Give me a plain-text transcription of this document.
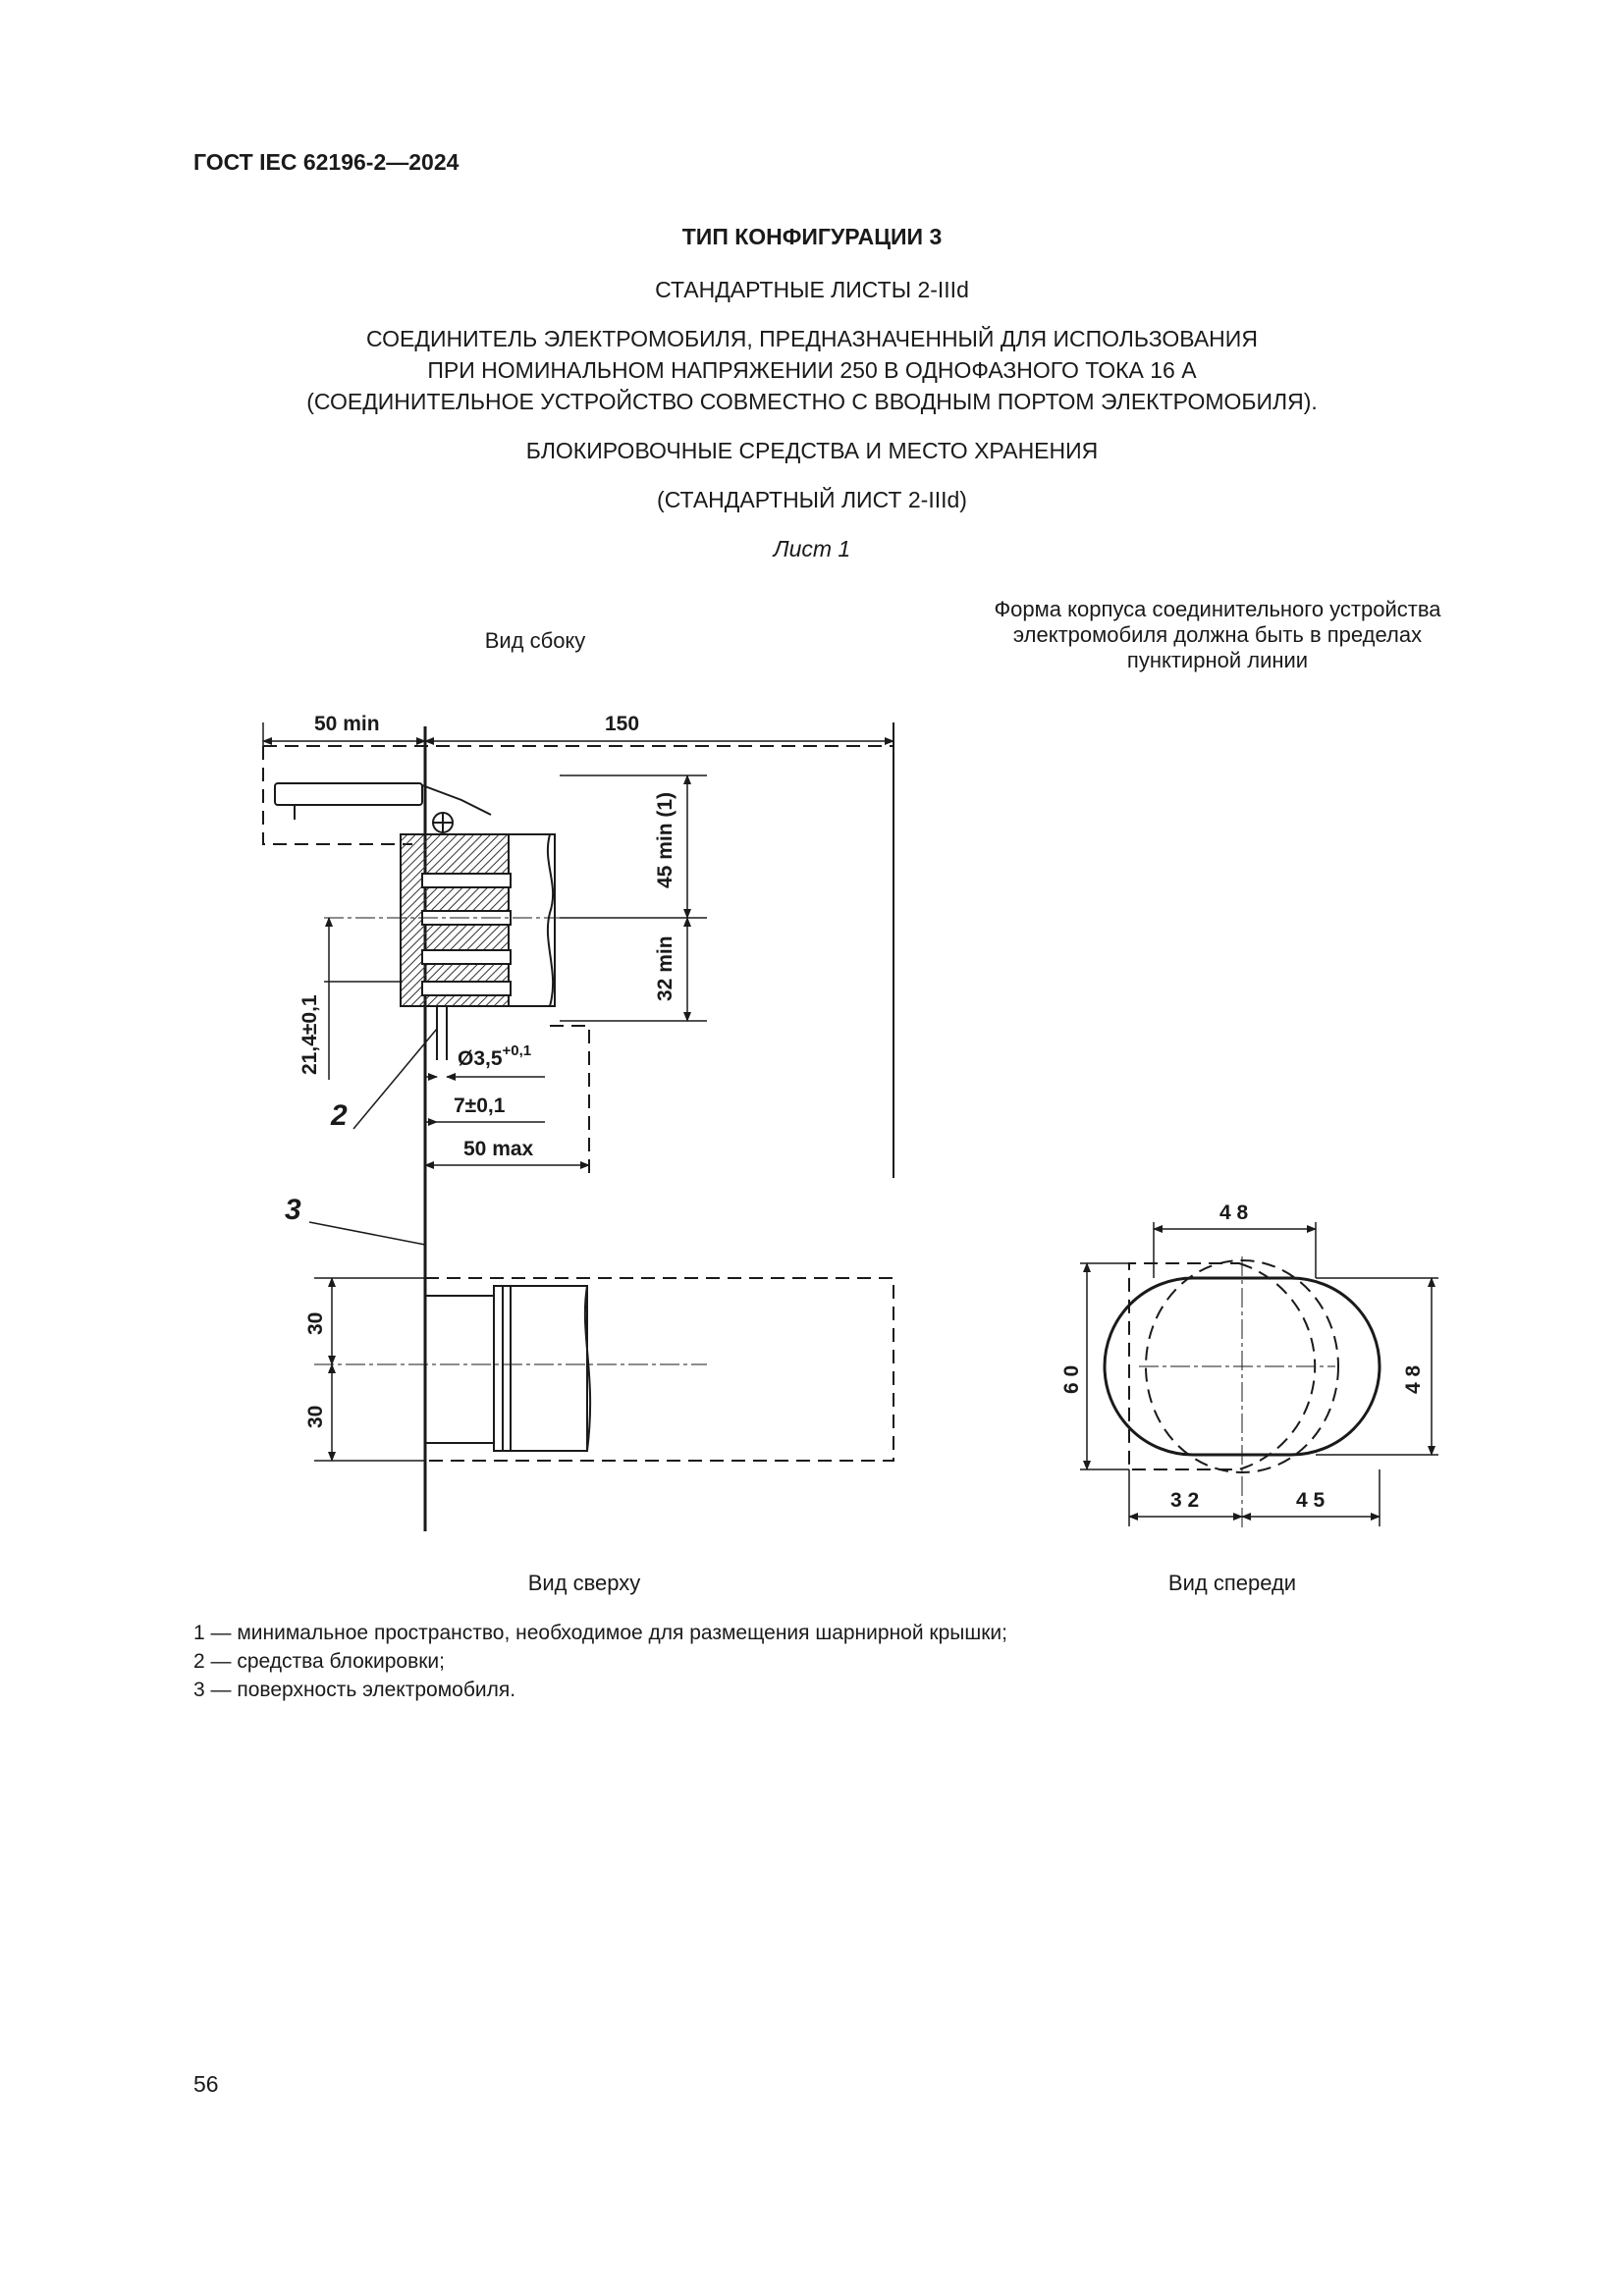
ГОСТ IEC 62196-2—2024
ТИП КОНФИГУРАЦИИ 3
СТАНДАРТНЫЕ ЛИСТЫ 2-IIId
СОЕДИНИТЕЛЬ ЭЛЕКТРОМОБИЛЯ, ПРЕДНАЗНАЧЕННЫЙ ДЛЯ ИСПОЛЬЗОВАНИЯ
ПРИ НОМИНАЛЬНОМ НАПРЯЖЕНИИ 250 В ОДНОФАЗНОГО ТОКА 16 А
(СОЕДИНИТЕЛЬНОЕ УСТРОЙСТВО СОВМЕСТНО С ВВОДНЫМ ПОРТОМ ЭЛЕКТРОМОБИЛЯ).
БЛОКИРОВОЧНЫЕ СРЕДСТВА И МЕСТО ХРАНЕНИЯ
(СТАНДАРТНЫЙ ЛИСТ 2-IIId)
Лист 1
Вид сбоку
Форма корпуса соединительного устройства
электромобиля должна быть в пределах
пунктирной линии
50 min	150
45 min (1)
32 min
21,4±0,1	$Ø3,5^{+0,1}$
7±0,1
50 max
30
30
4 8
6 0	4 8
3 2	4 5
2
3
Вид сверху	Вид спереди
1 — минимальное пространство, необходимое для размещения шарнирной крышки;
2 — средства блокировки;
3 — поверхность электромобиля.
56
